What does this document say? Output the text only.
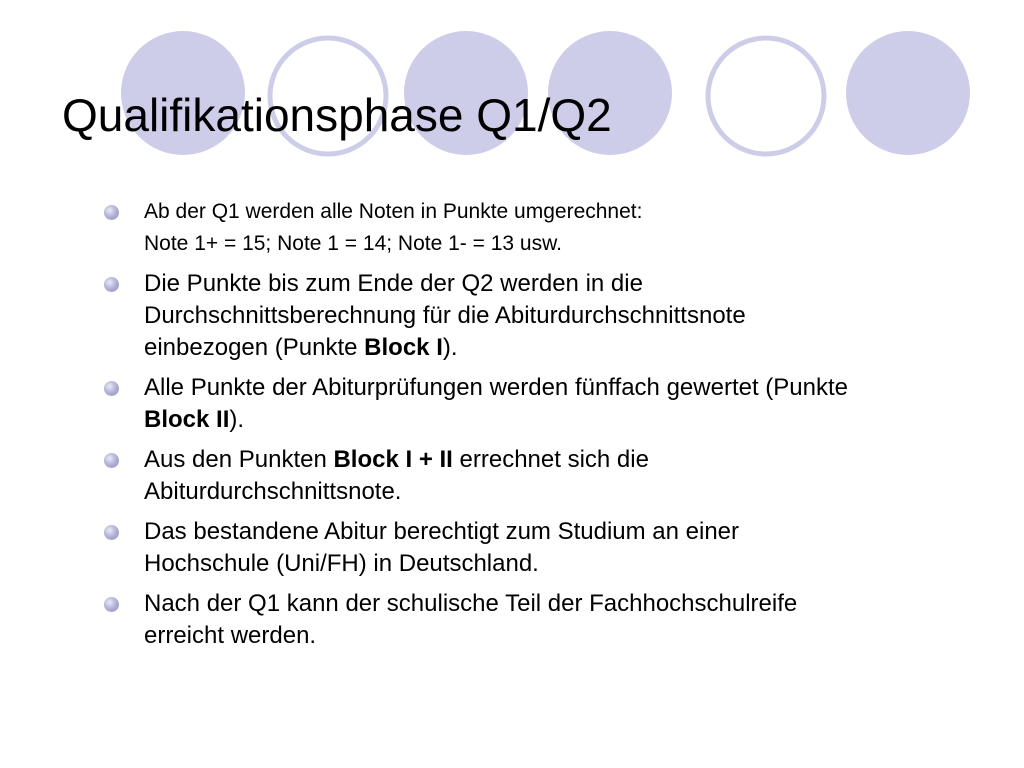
Qualifikationsphase Q1/Q2
Ab der Q1 werden alle Noten in Punkte umgerechnet:
Note 1+ = 15; Note 1 = 14; Note 1- = 13 usw.
Die Punkte bis zum Ende der Q2 werden in die
Durchschnittsberechnung für die Abiturdurchschnittsnote
einbezogen (Punkte Block I).
Alle Punkte der Abiturprüfungen werden fünffach gewertet (Punkte
Block II).
Aus den Punkten Block I + II errechnet sich die
Abiturdurchschnittsnote.
Das bestandene Abitur berechtigt zum Studium an einer
Hochschule (Uni/FH) in Deutschland.
Nach der Q1 kann der schulische Teil der Fachhochschulreife
erreicht werden.
